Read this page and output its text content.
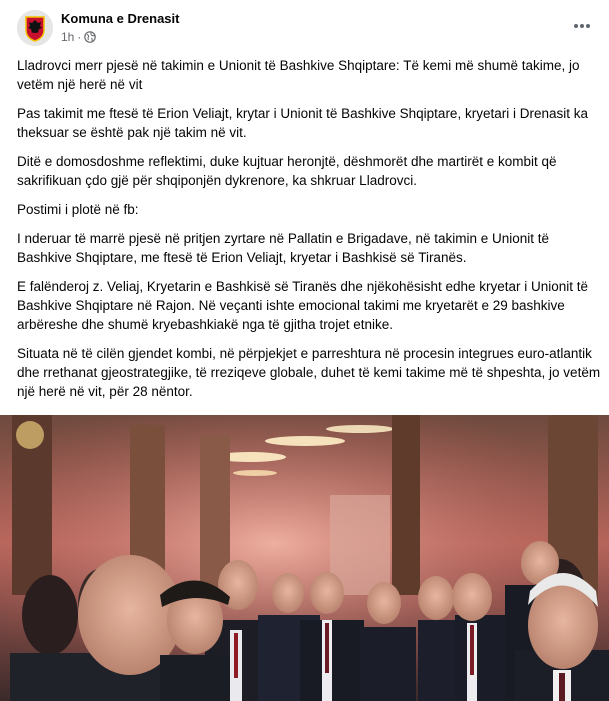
Komuna e Drenasit
1h ·

Lladrovci merr pjesë në takimin e Unionit të Bashkive Shqiptare: Të kemi më shumë takime, jo vetëm një herë në vit

Pas takimit me ftesë të Erion Veliajt, krytar i Unionit të Bashkive Shqiptare, kryetari i Drenasit ka theksuar se është pak një takim në vit.

Ditë e domosdoshme reflektimi, duke kujtuar heronjtë, dëshmorët dhe martirët e kombit që sakrifikuan çdo gjë për shqiponjën dykrenore, ka shkruar Lladrovci.

Postimi i plotë në fb:

I nderuar të marrë pjesë në pritjen zyrtare në Pallatin e Brigadave, në takimin e Unionit të Bashkive Shqiptare, me ftesë të Erion Veliajt, kryetar i Bashkisë së Tiranës.

E falënderoj z. Veliaj, Kryetarin e Bashkisë së Tiranës dhe njëkohësisht edhe kryetar i Unionit të Bashkive Shqiptare në Rajon. Në veçanti ishte emocional takimi me kryetarët e 29 bashkive arbëreshe dhe shumë kryebashkiakë nga të gjitha trojet etnike.

Situata në të cilën gjendet kombi, në përpjekjet e parreshtura në procesin integrues euro-atlantik dhe rrethanat gjeostrategjike, të rreziqeve globale, duhet të kemi takime më të shpeshta, jo vetëm një herë në vit, për 28 nëntor.
